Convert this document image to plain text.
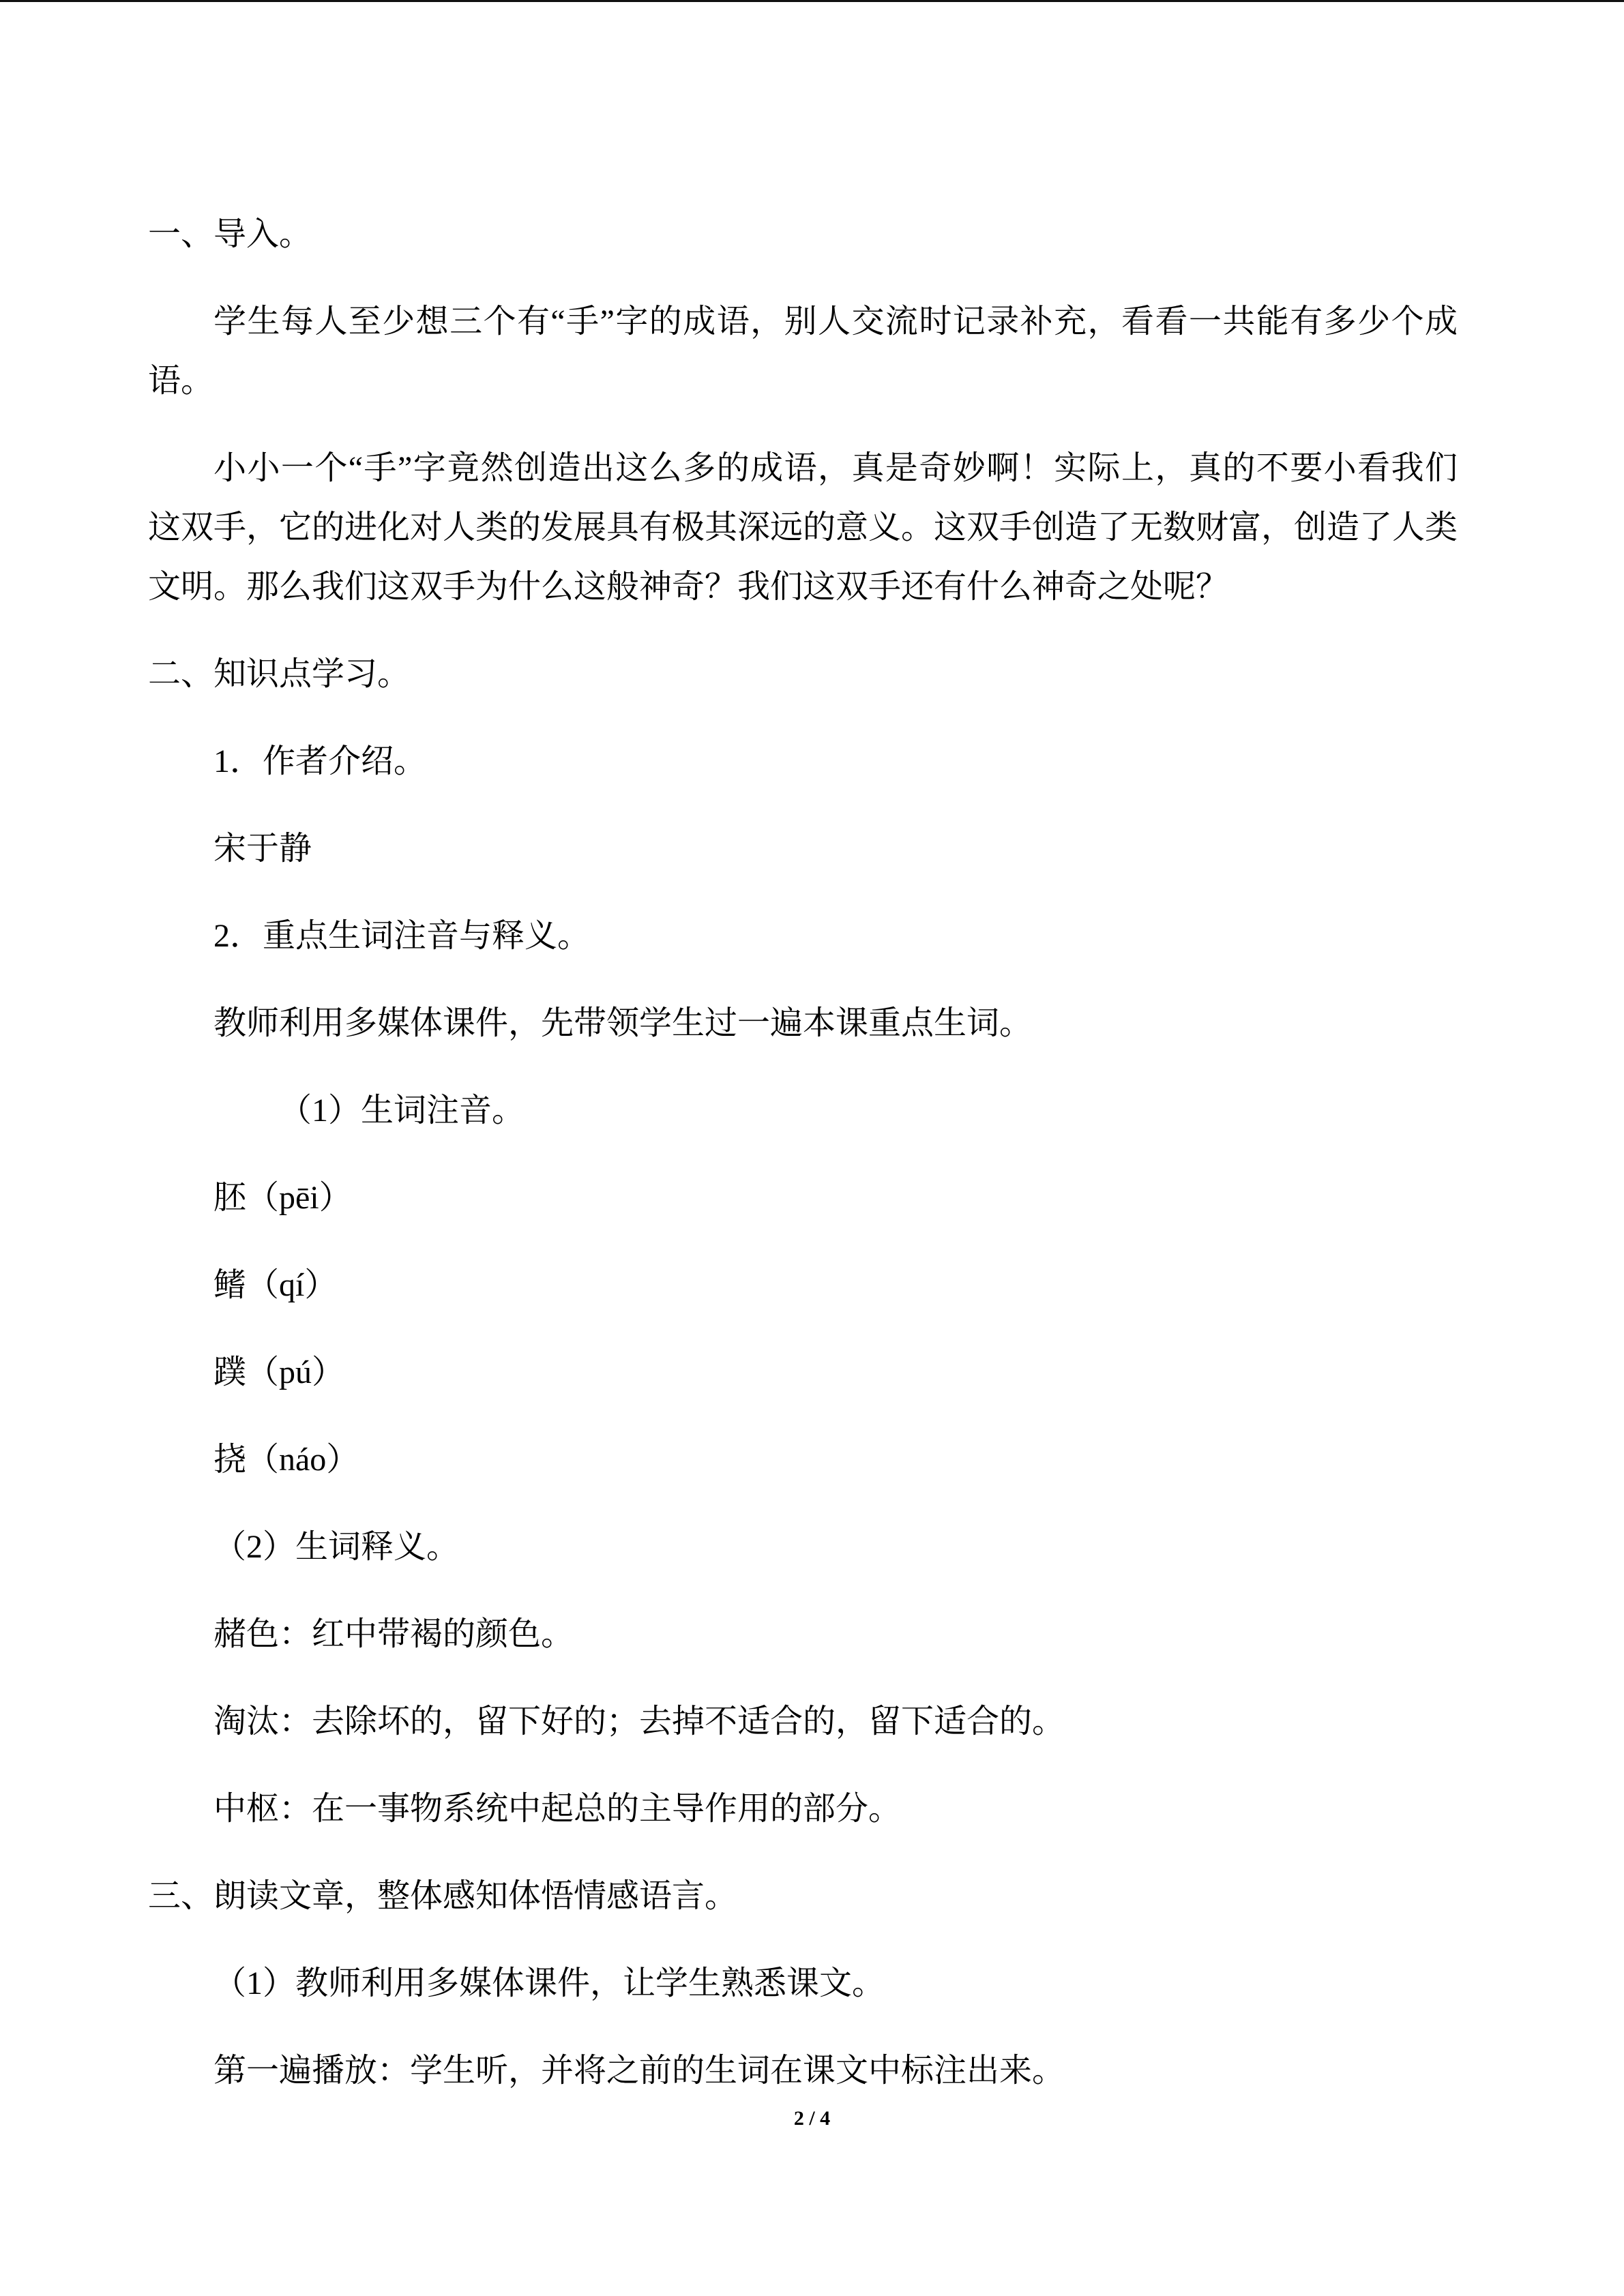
一、导入。
学生每人至少想三个有“手”字的成语，别人交流时记录补充，看看一共能有多少个成
语。
小小一个“手”字竟然创造出这么多的成语，真是奇妙啊！实际上，真的不要小看我们
这双手，它的进化对人类的发展具有极其深远的意义。这双手创造了无数财富，创造了人类
文明。那么我们这双手为什么这般神奇？我们这双手还有什么神奇之处呢？
二、知识点学习。
1．作者介绍。
宋于静
2．重点生词注音与释义。
教师利用多媒体课件，先带领学生过一遍本课重点生词。
（1）生词注音。
胚（pēi）
鳍（qí）
蹼（pú）
挠（náo）
（2）生词释义。
赭色：红中带褐的颜色。
淘汰：去除坏的，留下好的；去掉不适合的，留下适合的。
中枢：在一事物系统中起总的主导作用的部分。
三、朗读文章，整体感知体悟情感语言。
（1）教师利用多媒体课件，让学生熟悉课文。
第一遍播放：学生听，并将之前的生词在课文中标注出来。
2 / 4
